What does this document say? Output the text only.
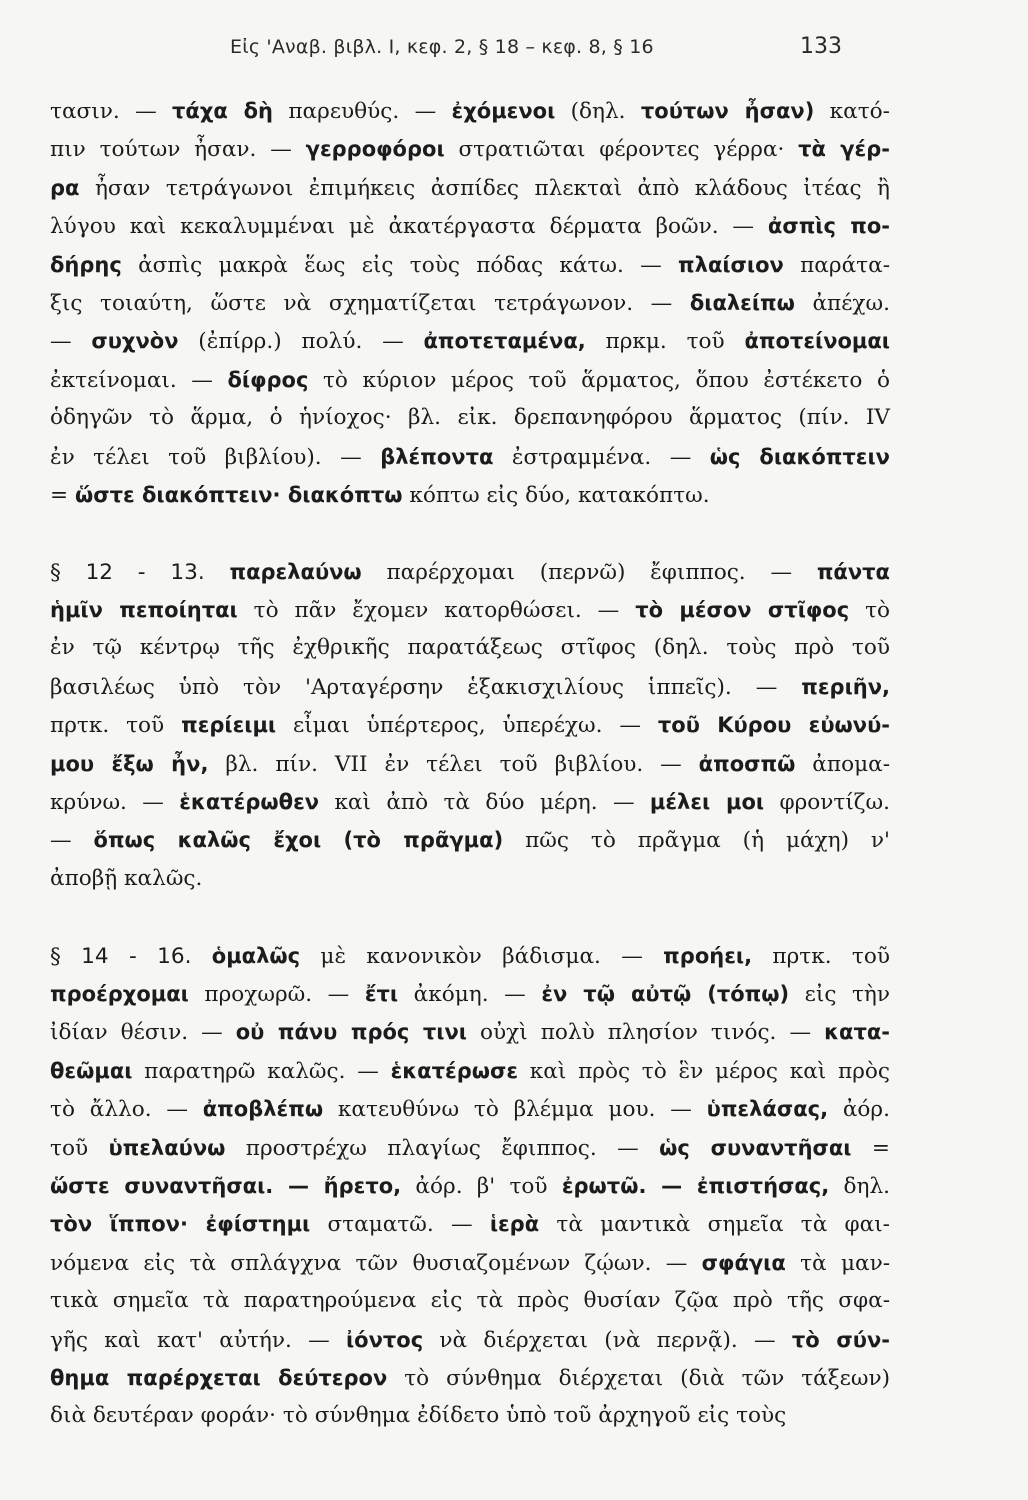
Εἰς 'Αναβ. βιβλ. Ι, κεφ. 2, § 18 – κεφ. 8, § 16	133
τασιν. — τάχα δὴ παρευθύς. — ἐχόμενοι (δηλ. τούτων ἦσαν) κατό-
πιν τούτων ἦσαν. — γερροφόροι στρατιῶται φέροντες γέρρα· τὰ γέρ-
ρα ἦσαν τετράγωνοι ἐπιμήκεις ἀσπίδες πλεκταὶ ἀπὸ κλάδους ἰτέας ἢ
λύγου καὶ κεκαλυμμέναι μὲ ἀκατέργαστα δέρματα βοῶν. — ἀσπὶς πο-
δήρης ἀσπὶς μακρὰ ἕως εἰς τοὺς πόδας κάτω. — πλαίσιον παράτα-
ξις τοιαύτη, ὥστε νὰ σχηματίζεται τετράγωνον. — διαλείπω ἀπέχω.
— συχνὸν (ἐπίρρ.) πολύ. — ἀποτεταμένα, πρκμ. τοῦ ἀποτείνομαι
ἐκτείνομαι. — δίφρος τὸ κύριον μέρος τοῦ ἅρματος, ὅπου ἐστέκετο ὁ
ὁδηγῶν τὸ ἅρμα, ὁ ἡνίοχος· βλ. εἰκ. δρεπανηφόρου ἅρματος (πίν. IV
ἐν τέλει τοῦ βιβλίου). — βλέποντα ἐστραμμένα. — ὡς διακόπτειν
= ὥστε διακόπτειν· διακόπτω κόπτω εἰς δύο, κατακόπτω.
§ 12 - 13. παρελαύνω παρέρχομαι (περνῶ) ἔφιππος. — πάντα
ἡμῖν πεποίηται τὸ πᾶν ἔχομεν κατορθώσει. — τὸ μέσον στῖφος τὸ
ἐν τῷ κέντρῳ τῆς ἐχθρικῆς παρατάξεως στῖφος (δηλ. τοὺς πρὸ τοῦ
βασιλέως ὑπὸ τὸν 'Αρταγέρσην ἑξακισχιλίους ἱππεῖς). — περιῆν,
πρτκ. τοῦ περίειμι εἶμαι ὑπέρτερος, ὑπερέχω. — τοῦ Κύρου εὐωνύ-
μου ἔξω ἦν, βλ. πίν. VII ἐν τέλει τοῦ βιβλίου. — ἀποσπῶ ἀπομα-
κρύνω. — ἑκατέρωθεν καὶ ἀπὸ τὰ δύο μέρη. — μέλει μοι φροντίζω.
— ὅπως καλῶς ἔχοι (τὸ πρᾶγμα) πῶς τὸ πρᾶγμα (ἡ μάχη) ν'
ἀποβῇ καλῶς.
§ 14 - 16. ὁμαλῶς μὲ κανονικὸν βάδισμα. — προήει, πρτκ. τοῦ
προέρχομαι προχωρῶ. — ἔτι ἀκόμη. — ἐν τῷ αὐτῷ (τόπῳ) εἰς τὴν
ἰδίαν θέσιν. — οὐ πάνυ πρός τινι οὐχὶ πολὺ πλησίον τινός. — κατα-
θεῶμαι παρατηρῶ καλῶς. — ἑκατέρωσε καὶ πρὸς τὸ ἓν μέρος καὶ πρὸς
τὸ ἄλλο. — ἀποβλέπω κατευθύνω τὸ βλέμμα μου. — ὑπελάσας, ἀόρ.
τοῦ ὑπελαύνω προστρέχω πλαγίως ἔφιππος. — ὡς συναντῆσαι =
ὥστε συναντῆσαι. — ἤρετο, ἀόρ. β' τοῦ ἐρωτῶ. — ἐπιστήσας, δηλ.
τὸν ἵππον· ἐφίστημι σταματῶ. — ἱερὰ τὰ μαντικὰ σημεῖα τὰ φαι-
νόμενα εἰς τὰ σπλάγχνα τῶν θυσιαζομένων ζῴων. — σφάγια τὰ μαν-
τικὰ σημεῖα τὰ παρατηρούμενα εἰς τὰ πρὸς θυσίαν ζῷα πρὸ τῆς σφα-
γῆς καὶ κατ' αὐτήν. — ἰόντος νὰ διέρχεται (νὰ περνᾷ). — τὸ σύν-
θημα παρέρχεται δεύτερον τὸ σύνθημα διέρχεται (διὰ τῶν τάξεων)
διὰ δευτέραν φοράν· τὸ σύνθημα ἐδίδετο ὑπὸ τοῦ ἀρχηγοῦ εἰς τοὺς
